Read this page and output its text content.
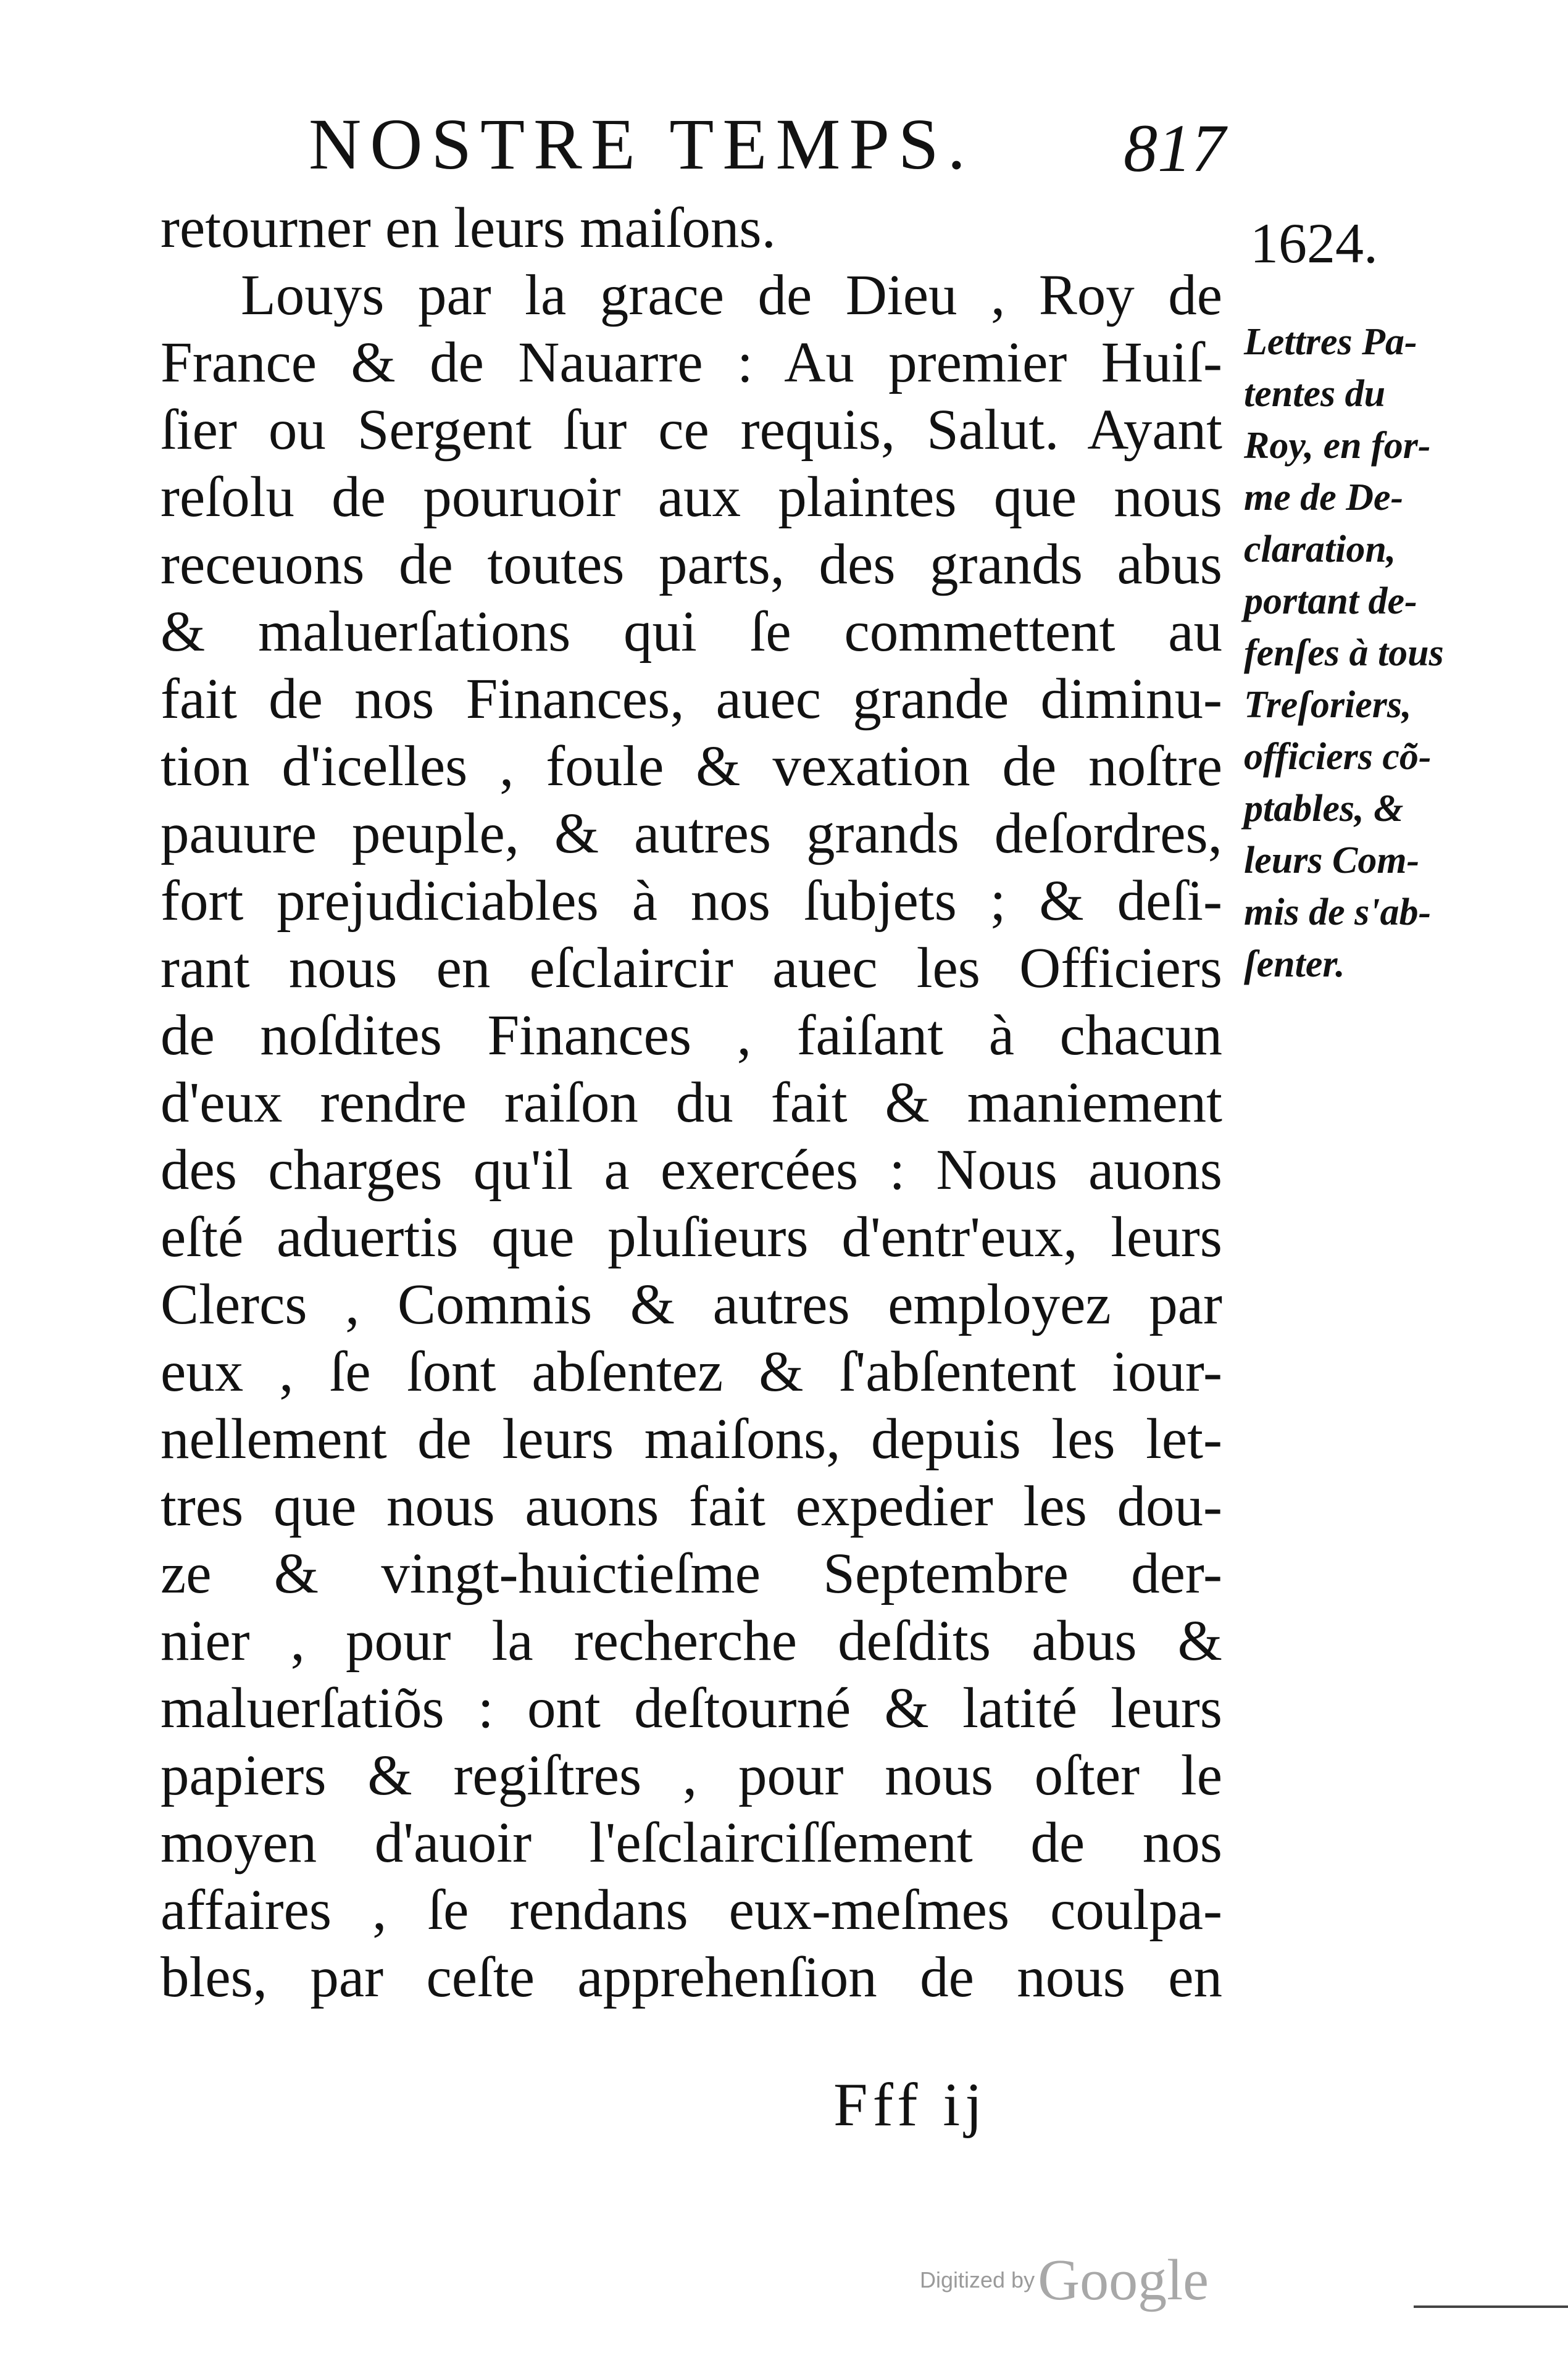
NOSTRE TEMPS. 817
1624.
retourner en leurs maiſons.
Louys par la grace de Dieu , Roy de
France & de Nauarre : Au premier Huiſ-
ſier ou Sergent ſur ce requis, Salut. Ayant
reſolu de pouruoir aux plaintes que nous
receuons de toutes parts, des grands abus
& maluerſations qui ſe commettent au
fait de nos Finances, auec grande diminu-
tion d'icelles , foule & vexation de noſtre
pauure peuple, & autres grands deſordres,
fort prejudiciables à nos ſubjets ; & deſi-
rant nous en eſclaircir auec les Officiers
de noſdites Finances , faiſant à chacun
d'eux rendre raiſon du fait & maniement
des charges qu'il a exercées : Nous auons
eſté aduertis que pluſieurs d'entr'eux, leurs
Clercs , Commis & autres employez par
eux , ſe ſont abſentez & ſ'abſentent iour-
nellement de leurs maiſons, depuis les let-
tres que nous auons fait expedier les dou-
ze & vingt-huictieſme Septembre der-
nier , pour la recherche deſdits abus &
maluerſatiõs : ont deſtourné & latité leurs
papiers & regiſtres , pour nous oſter le
moyen d'auoir l'eſclairciſſement de nos
affaires , ſe rendans eux-meſmes coulpa-
bles, par ceſte apprehenſion de nous en
Lettres Pa-
tentes du
Roy, en for-
me de De-
claration,
portant de-
fenſes à tous
Treſoriers,
officiers cõ-
ptables, &
leurs Com-
mis de s'ab-
ſenter.
Fff ij
Digitized by Google
